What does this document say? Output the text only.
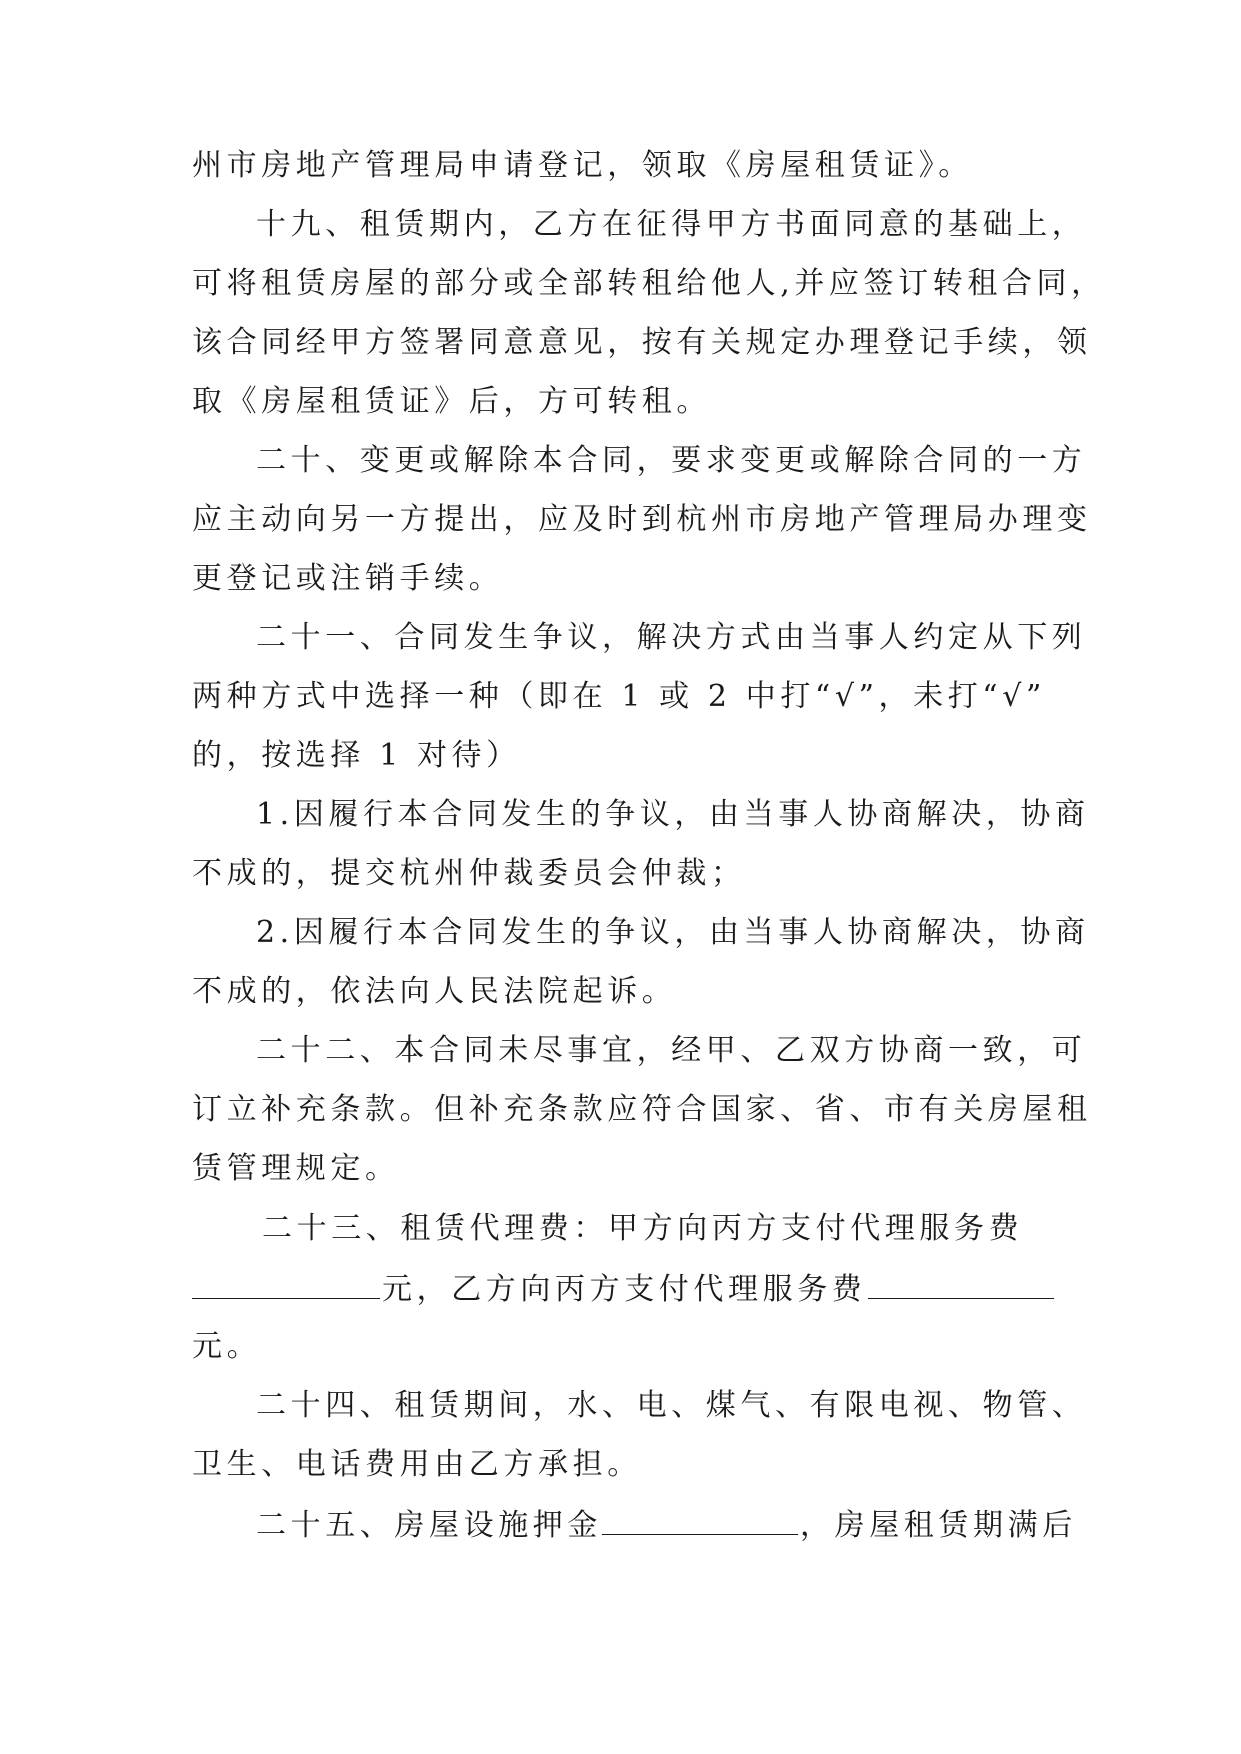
州市房地产管理局申请登记，领取《房屋租赁证》。
十九、租赁期内，乙方在征得甲方书面同意的基础上，
可将租赁房屋的部分或全部转租给他人,并应签订转租合同，
该合同经甲方签署同意意见，按有关规定办理登记手续，领
取《房屋租赁证》后，方可转租。
二十、变更或解除本合同，要求变更或解除合同的一方
应主动向另一方提出，应及时到杭州市房地产管理局办理变
更登记或注销手续。
二十一、合同发生争议，解决方式由当事人约定从下列
两种方式中选择一种（即在 1 或 2 中打“√”，未打“√”
的，按选择 1 对待）
1.因履行本合同发生的争议，由当事人协商解决，协商
不成的，提交杭州仲裁委员会仲裁；
2.因履行本合同发生的争议，由当事人协商解决，协商
不成的，依法向人民法院起诉。
二十二、本合同未尽事宜，经甲、乙双方协商一致，可
订立补充条款。但补充条款应符合国家、省、市有关房屋租
赁管理规定。
二十三、租赁代理费：甲方向丙方支付代理服务费
元，乙方向丙方支付代理服务费
元。
二十四、租赁期间，水、电、煤气、有限电视、物管、
卫生、电话费用由乙方承担。
二十五、房屋设施押金	，房屋租赁期满后
